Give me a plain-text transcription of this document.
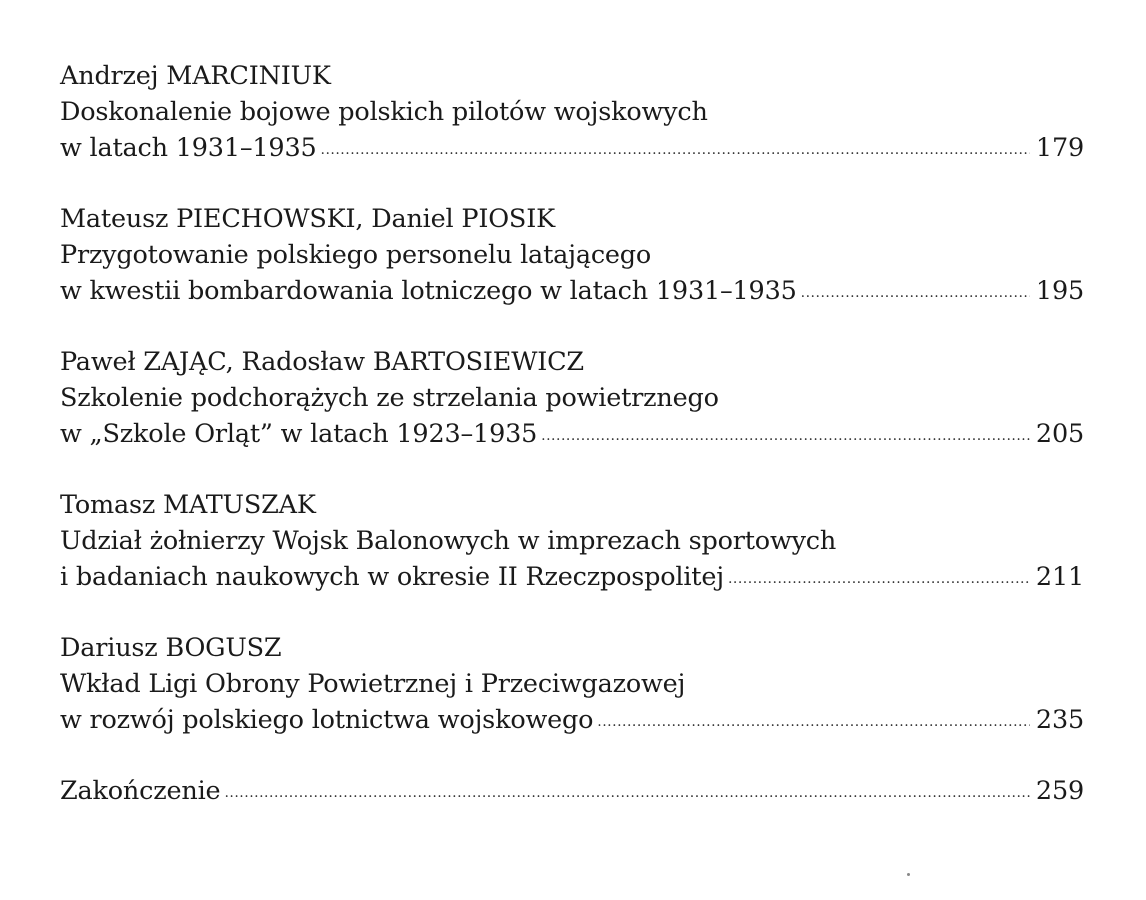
Andrzej MARCINIUK
Doskonalenie bojowe polskich pilotów wojskowych
w latach 1931–1935 .....	179
Mateusz PIECHOWSKI, Daniel PIOSIK
Przygotowanie polskiego personelu latającego
w kwestii bombardowania lotniczego w latach 1931–1935 .....	195
Paweł ZAJĄC, Radosław BARTOSIEWICZ
Szkolenie podchorążych ze strzelania powietrznego
w „Szkole Orląt” w latach 1923–1935 .....	205
Tomasz MATUSZAK
Udział żołnierzy Wojsk Balonowych w imprezach sportowych
i badaniach naukowych w okresie II Rzeczpospolitej .....	211
Dariusz BOGUSZ
Wkład Ligi Obrony Powietrznej i Przeciwgazowej
w rozwój polskiego lotnictwa wojskowego .....	235
Zakończenie .....	259
